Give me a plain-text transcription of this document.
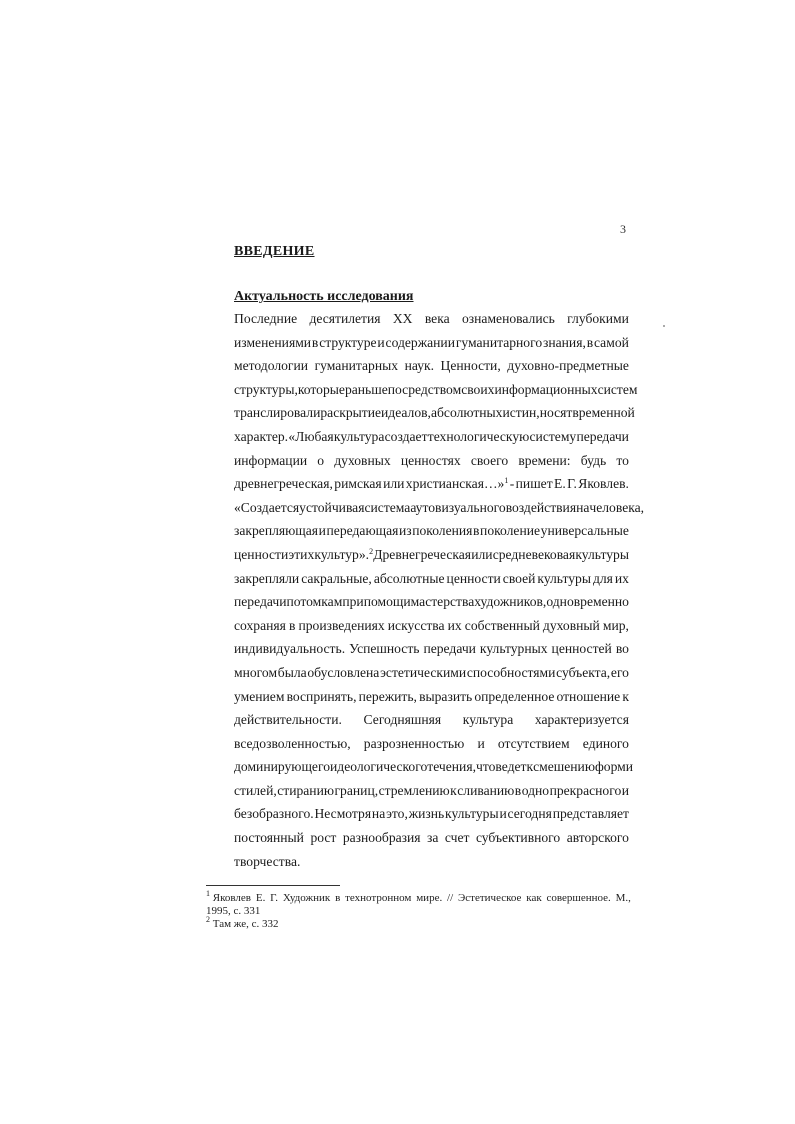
3
ВВЕДЕНИЕ
Актуальность исследования
Последние десятилетия XX века ознаменовались глубокими
изменениями в структуре и содержании гуманитарного знания, в самой
методологии гуманитарных наук. Ценности, духовно-предметные
структуры, которые раньше посредством своих информационных систем
транслировали раскрытие идеалов, абсолютных истин, носят временной
характер. «Любая культура создает технологическую систему передачи
информации о духовных ценностях своего времени: будь то
древнегреческая, римская или христианская…»$^1$ - пишет Е. Г. Яковлев.
«Создается устойчивая система аутовизуального воздействия на человека,
закрепляющая и передающая из поколения в поколение универсальные
ценности этих культур».$^2$ Древнегреческая или средневековая культуры
закрепляли сакральные, абсолютные ценности своей культуры для их
передачи потомкам при помощи мастерства художников, одновременно
сохраняя в произведениях искусства их собственный духовный мир,
индивидуальность. Успешность передачи культурных ценностей во
многом была обусловлена эстетическими способностями субъекта, его
умением воспринять, пережить, выразить определенное отношение к
действительности. Сегодняшняя культура характеризуется
вседозволенностью, разрозненностью и отсутствием единого
доминирующего идеологического течения, что ведет к смешению форм и
стилей, стиранию границ, стремлению к сливанию в одно прекрасного и
безобразного. Несмотря на это, жизнь культуры и сегодня представляет
постоянный рост разнообразия за счет субъективного авторского
творчества.
$^1$ Яковлев Е. Г. Художник в технотронном мире. // Эстетическое как совершенное. М.,
1995, с. 331
$^2$ Там же, с. 332
